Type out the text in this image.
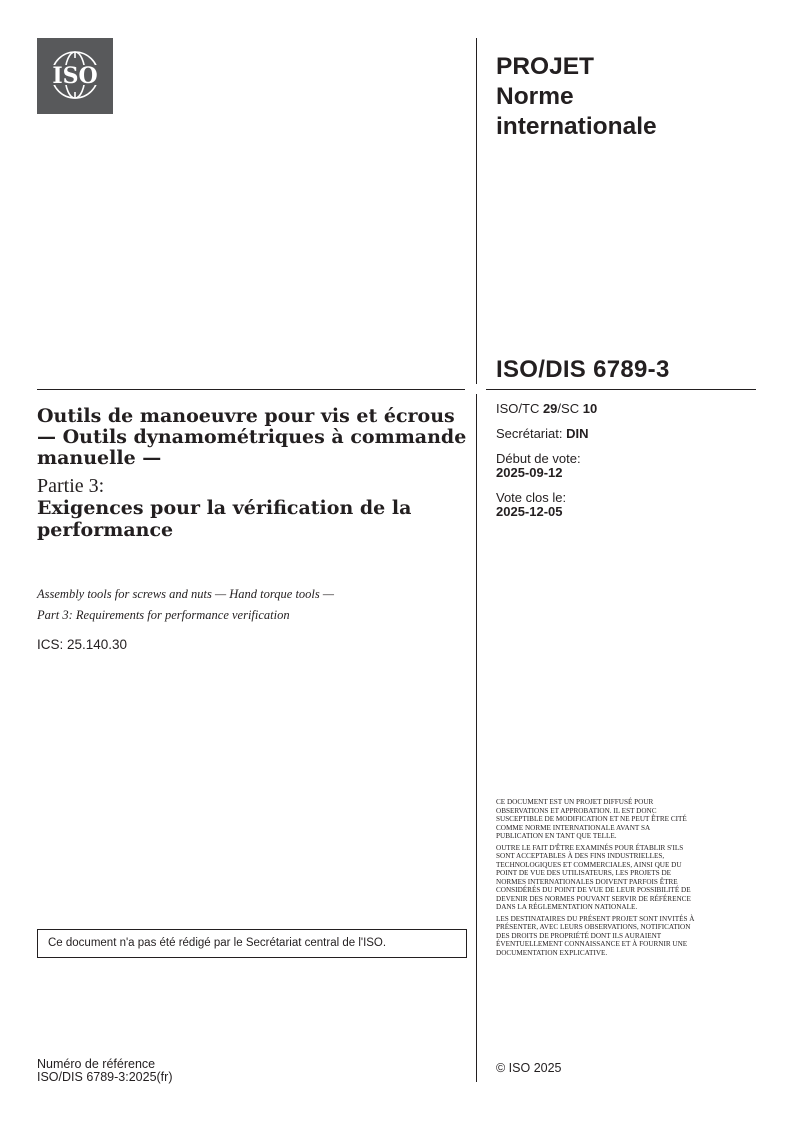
ISO	PROJET
Norme
internationale
ISO/DIS 6789-3
Outils de manoeuvre pour vis et écrous — Outils dynamométriques à commande manuelle —
Partie 3:
Exigences pour la vérification de la performance
Assembly tools for screws and nuts — Hand torque tools —
Part 3: Requirements for performance verification
ICS: 25.140.30
ISO/TC 29/SC 10
Secrétariat: DIN
Début de vote:
2025-09-12
Vote clos le:
2025-12-05
Ce document n'a pas été rédigé par le Secrétariat central de l'ISO.

CE DOCUMENT EST UN PROJET DIFFUSÉ POUR OBSERVATIONS ET APPROBATION. IL EST DONC SUSCEPTIBLE DE MODIFICATION ET NE PEUT ÊTRE CITÉ COMME NORME INTERNATIONALE AVANT SA PUBLICATION EN TANT QUE TELLE.

OUTRE LE FAIT D'ÊTRE EXAMINÉS POUR ÉTABLIR S'ILS SONT ACCEPTABLES À DES FINS INDUSTRIELLES, TECHNOLOGIQUES ET COMMERCIALES, AINSI QUE DU POINT DE VUE DES UTILISATEURS, LES PROJETS DE NORMES INTERNATIONALES DOIVENT PARFOIS ÊTRE CONSIDÉRÉS DU POINT DE VUE DE LEUR POSSIBILITÉ DE DEVENIR DES NORMES POUVANT SERVIR DE RÉFÉRENCE DANS LA RÉGLEMENTATION NATIONALE.

LES DESTINATAIRES DU PRÉSENT PROJET SONT INVITÉS À PRÉSENTER, AVEC LEURS OBSERVATIONS, NOTIFICATION DES DROITS DE PROPRIÉTÉ DONT ILS AURAIENT ÉVENTUELLEMENT CONNAISSANCE ET À FOURNIR UNE DOCUMENTATION EXPLICATIVE.

© ISO 2025
Numéro de référence
ISO/DIS 6789-3:2025(fr)
